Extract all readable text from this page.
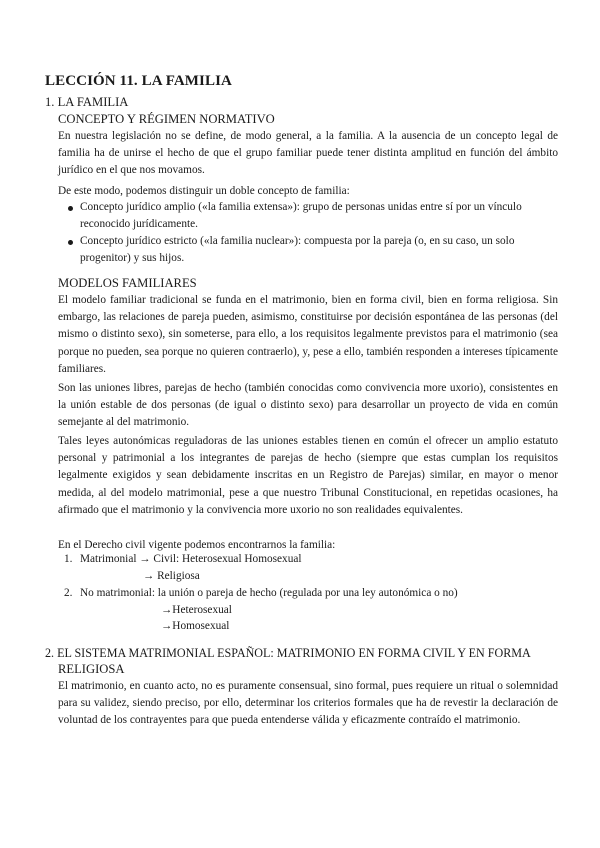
LECCIÓN 11. LA FAMILIA
1. LA FAMILIA
CONCEPTO Y RÉGIMEN NORMATIVO
En nuestra legislación no se define, de modo general, a la familia. A la ausencia de un concepto legal de familia ha de unirse el hecho de que el grupo familiar puede tener distinta amplitud en función del ámbito jurídico en el que nos movamos.
De este modo, podemos distinguir un doble concepto de familia:
Concepto jurídico amplio («la familia extensa»): grupo de personas unidas entre sí por un vínculo reconocido jurídicamente.
Concepto jurídico estricto («la familia nuclear»): compuesta por la pareja (o, en su caso, un solo progenitor) y sus hijos.
MODELOS FAMILIARES
El modelo familiar tradicional se funda en el matrimonio, bien en forma civil, bien en forma religiosa. Sin embargo, las relaciones de pareja pueden, asimismo, constituirse por decisión espontánea de las personas (del mismo o distinto sexo), sin someterse, para ello, a los requisitos legalmente previstos para el matrimonio (sea porque no pueden, sea porque no quieren contraerlo), y, pese a ello, también responden a intereses típicamente familiares.
Son las uniones libres, parejas de hecho (también conocidas como convivencia more uxorio), consistentes en la unión estable de dos personas (de igual o distinto sexo) para desarrollar un proyecto de vida en común semejante al del matrimonio.
Tales leyes autonómicas reguladoras de las uniones estables tienen en común el ofrecer un amplio estatuto personal y patrimonial a los integrantes de parejas de hecho (siempre que estas cumplan los requisitos legalmente exigidos y sean debidamente inscritas en un Registro de Parejas) similar, en mayor o menor medida, al del modelo matrimonial, pese a que nuestro Tribunal Constitucional, en repetidas ocasiones, ha afirmado que el matrimonio y la convivencia more uxorio no son realidades equivalentes.
En el Derecho civil vigente podemos encontrarnos la familia:
1. Matrimonial → Civil: Heterosexual Homosexual
→ Religiosa
2. No matrimonial: la unión o pareja de hecho (regulada por una ley autonómica o no)
→Heterosexual
→Homosexual
2. EL SISTEMA MATRIMONIAL ESPAÑOL: MATRIMONIO EN FORMA CIVIL Y EN FORMA
RELIGIOSA
El matrimonio, en cuanto acto, no es puramente consensual, sino formal, pues requiere un ritual o solemnidad para su validez, siendo preciso, por ello, determinar los criterios formales que ha de revestir la declaración de voluntad de los contrayentes para que pueda entenderse válida y eficazmente contraído el matrimonio.
